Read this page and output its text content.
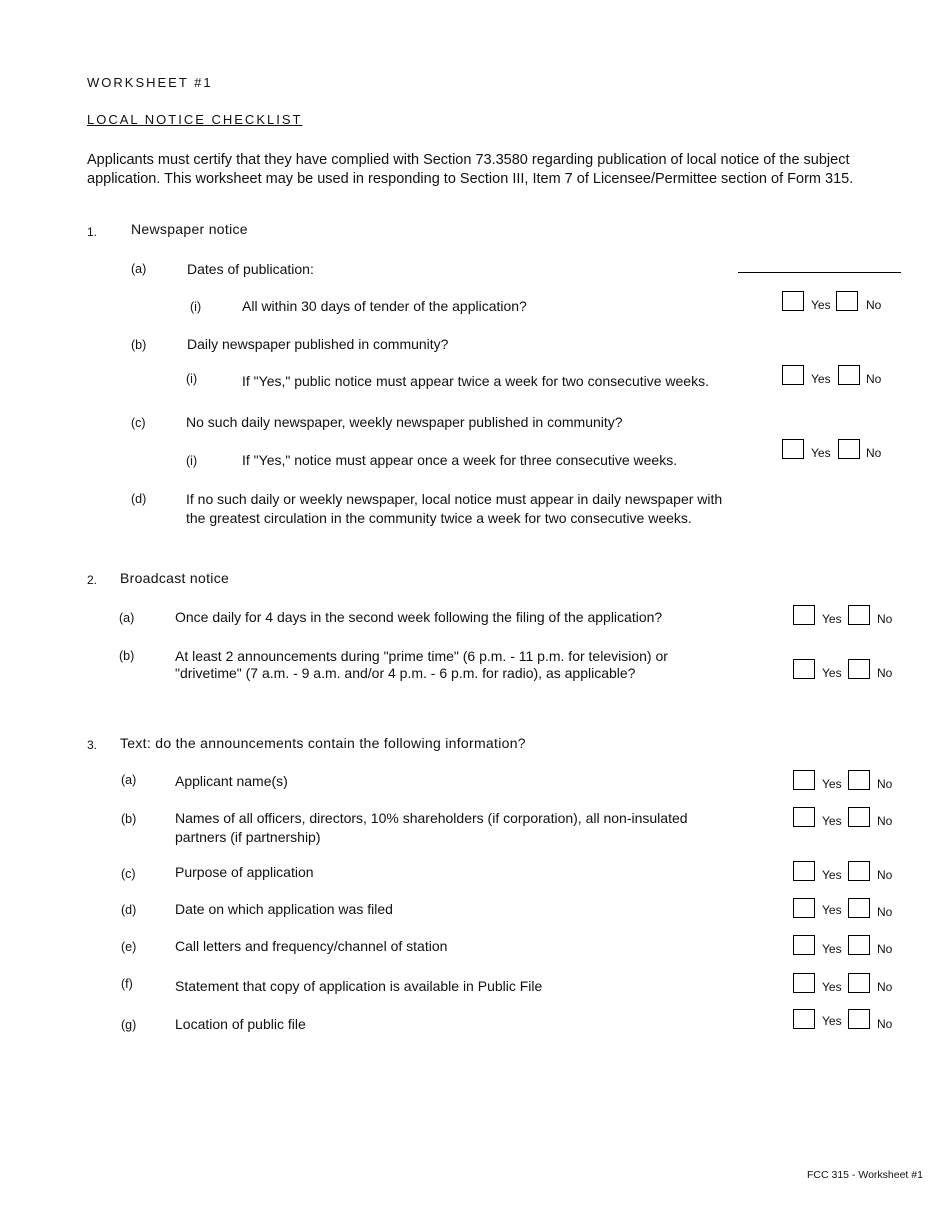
WORKSHEET #1
LOCAL NOTICE CHECKLIST
Applicants must certify that they have complied with Section 73.3580 regarding publication of local notice of the subject application. This worksheet may be used in responding to Section III, Item 7 of Licensee/Permittee section of Form 315.
1. Newspaper notice
(a)	Dates of publication:
(i)	All within 30 days of tender of the application?	Yes	No
(b)	Daily newspaper published in community?
(i)	If "Yes," public notice must appear twice a week for two consecutive weeks.	Yes	No
(c)	No such daily newspaper, weekly newspaper published in community?
(i)	If "Yes," notice must appear once a week for three consecutive weeks.	Yes	No
(d)	If no such daily or weekly newspaper, local notice must appear in daily newspaper with
the greatest circulation in the community twice a week for two consecutive weeks.
2. Broadcast notice
(a)	Once daily for 4 days in the second week following the filing of the application?	Yes	No
(b)	At least 2 announcements during "prime time" (6 p.m. - 11 p.m. for television) or
"drivetime" (7 a.m. - 9 a.m. and/or 4 p.m. - 6 p.m. for radio), as applicable?	Yes	No
3. Text: do the announcements contain the following information?
(a)	Applicant name(s)	Yes	No
(b)	Names of all officers, directors, 10% shareholders (if corporation), all non-insulated
partners (if partnership)
Yes	No
(c)	Purpose of application	Yes	No
(d)	Date on which application was filed	Yes	No
(e)	Call letters and frequency/channel of station	Yes	No
(f)	Statement that copy of application is available in Public File	Yes	No
(g)	Location of public file	Yes	No
FCC 315 - Worksheet #1
